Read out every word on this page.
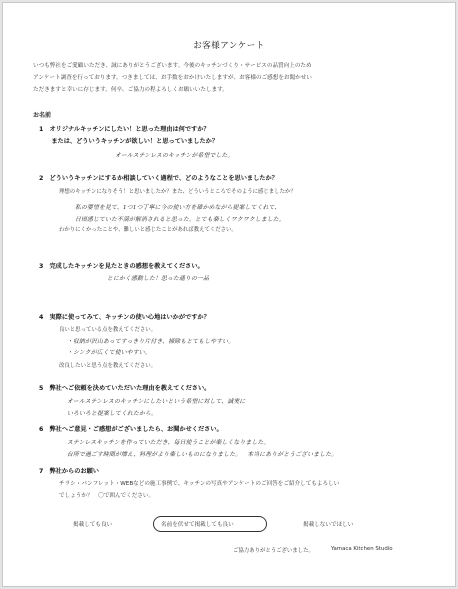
お客様アンケート
いつも弊社をご愛顧いただき、誠にありがとうございます。今後のキッチンづくり・サービスの品質向上のため
アンケート調査を行っております。つきましては、お手数をおかけいたしますが、お客様のご感想をお聞かせい
ただきますと幸いに存じます。何卒、ご協力の程よろしくお願いいたします。
お名前
1　オリジナルキッチンにしたい！と思った理由は何ですか？
　　または、どういうキッチンが欲しい！と思っていましたか？
オールステンレスのキッチンが希望でした。
2　どういうキッチンにするか相談していく過程で、どのようなことを思いましたか？
理想のキッチンになりそう！と思いましたか？また、どういうところでそのように感じましたか？
私の要望を見て、1つ1つ丁寧に今の使い方を確かめながら提案してくれて、
日頃感じていた不満が解消されると思った。とても楽しくワクワクしました。
わかりにくかったことや、難しいと感じたことがあれば教えてください。
3　完成したキッチンを見たときの感想を教えてください。
とにかく感動した！思った通りの一品
4　実際に使ってみて、キッチンの使い心地はいかがですか？
良いと思っている点を教えてください。
・収納が沢山あってすっきり片付き、掃除もとてもしやすい。
・シンクが広くて使いやすい。
改良したいと思う点を教えてください。
5　弊社へご依頼を決めていただいた理由を教えてください。
オールステンレスのキッチンにしたいという希望に対して、誠実に
いろいろと提案してくれたから。
6　弊社へご意見・ご感想がございましたら、お聞かせください。
ステンレスキッチンを作っていただき、毎日使うことが楽しくなりました。
台所で過ごす時間が増え、料理がより楽しいものになりました。　本当にありがとうございました。
7　弊社からのお願い
チラシ・パンフレット・WEBなどの施工事例で、キッチンの写真やアンケートのご回答をご紹介してもよろしい
でしょうか？　〇で囲んでください。
掲載しても良い	名前を伏せて掲載しても良い	掲載しないでほしい
ご協力ありがとうございました。	Yamaca Kitchen Studio
